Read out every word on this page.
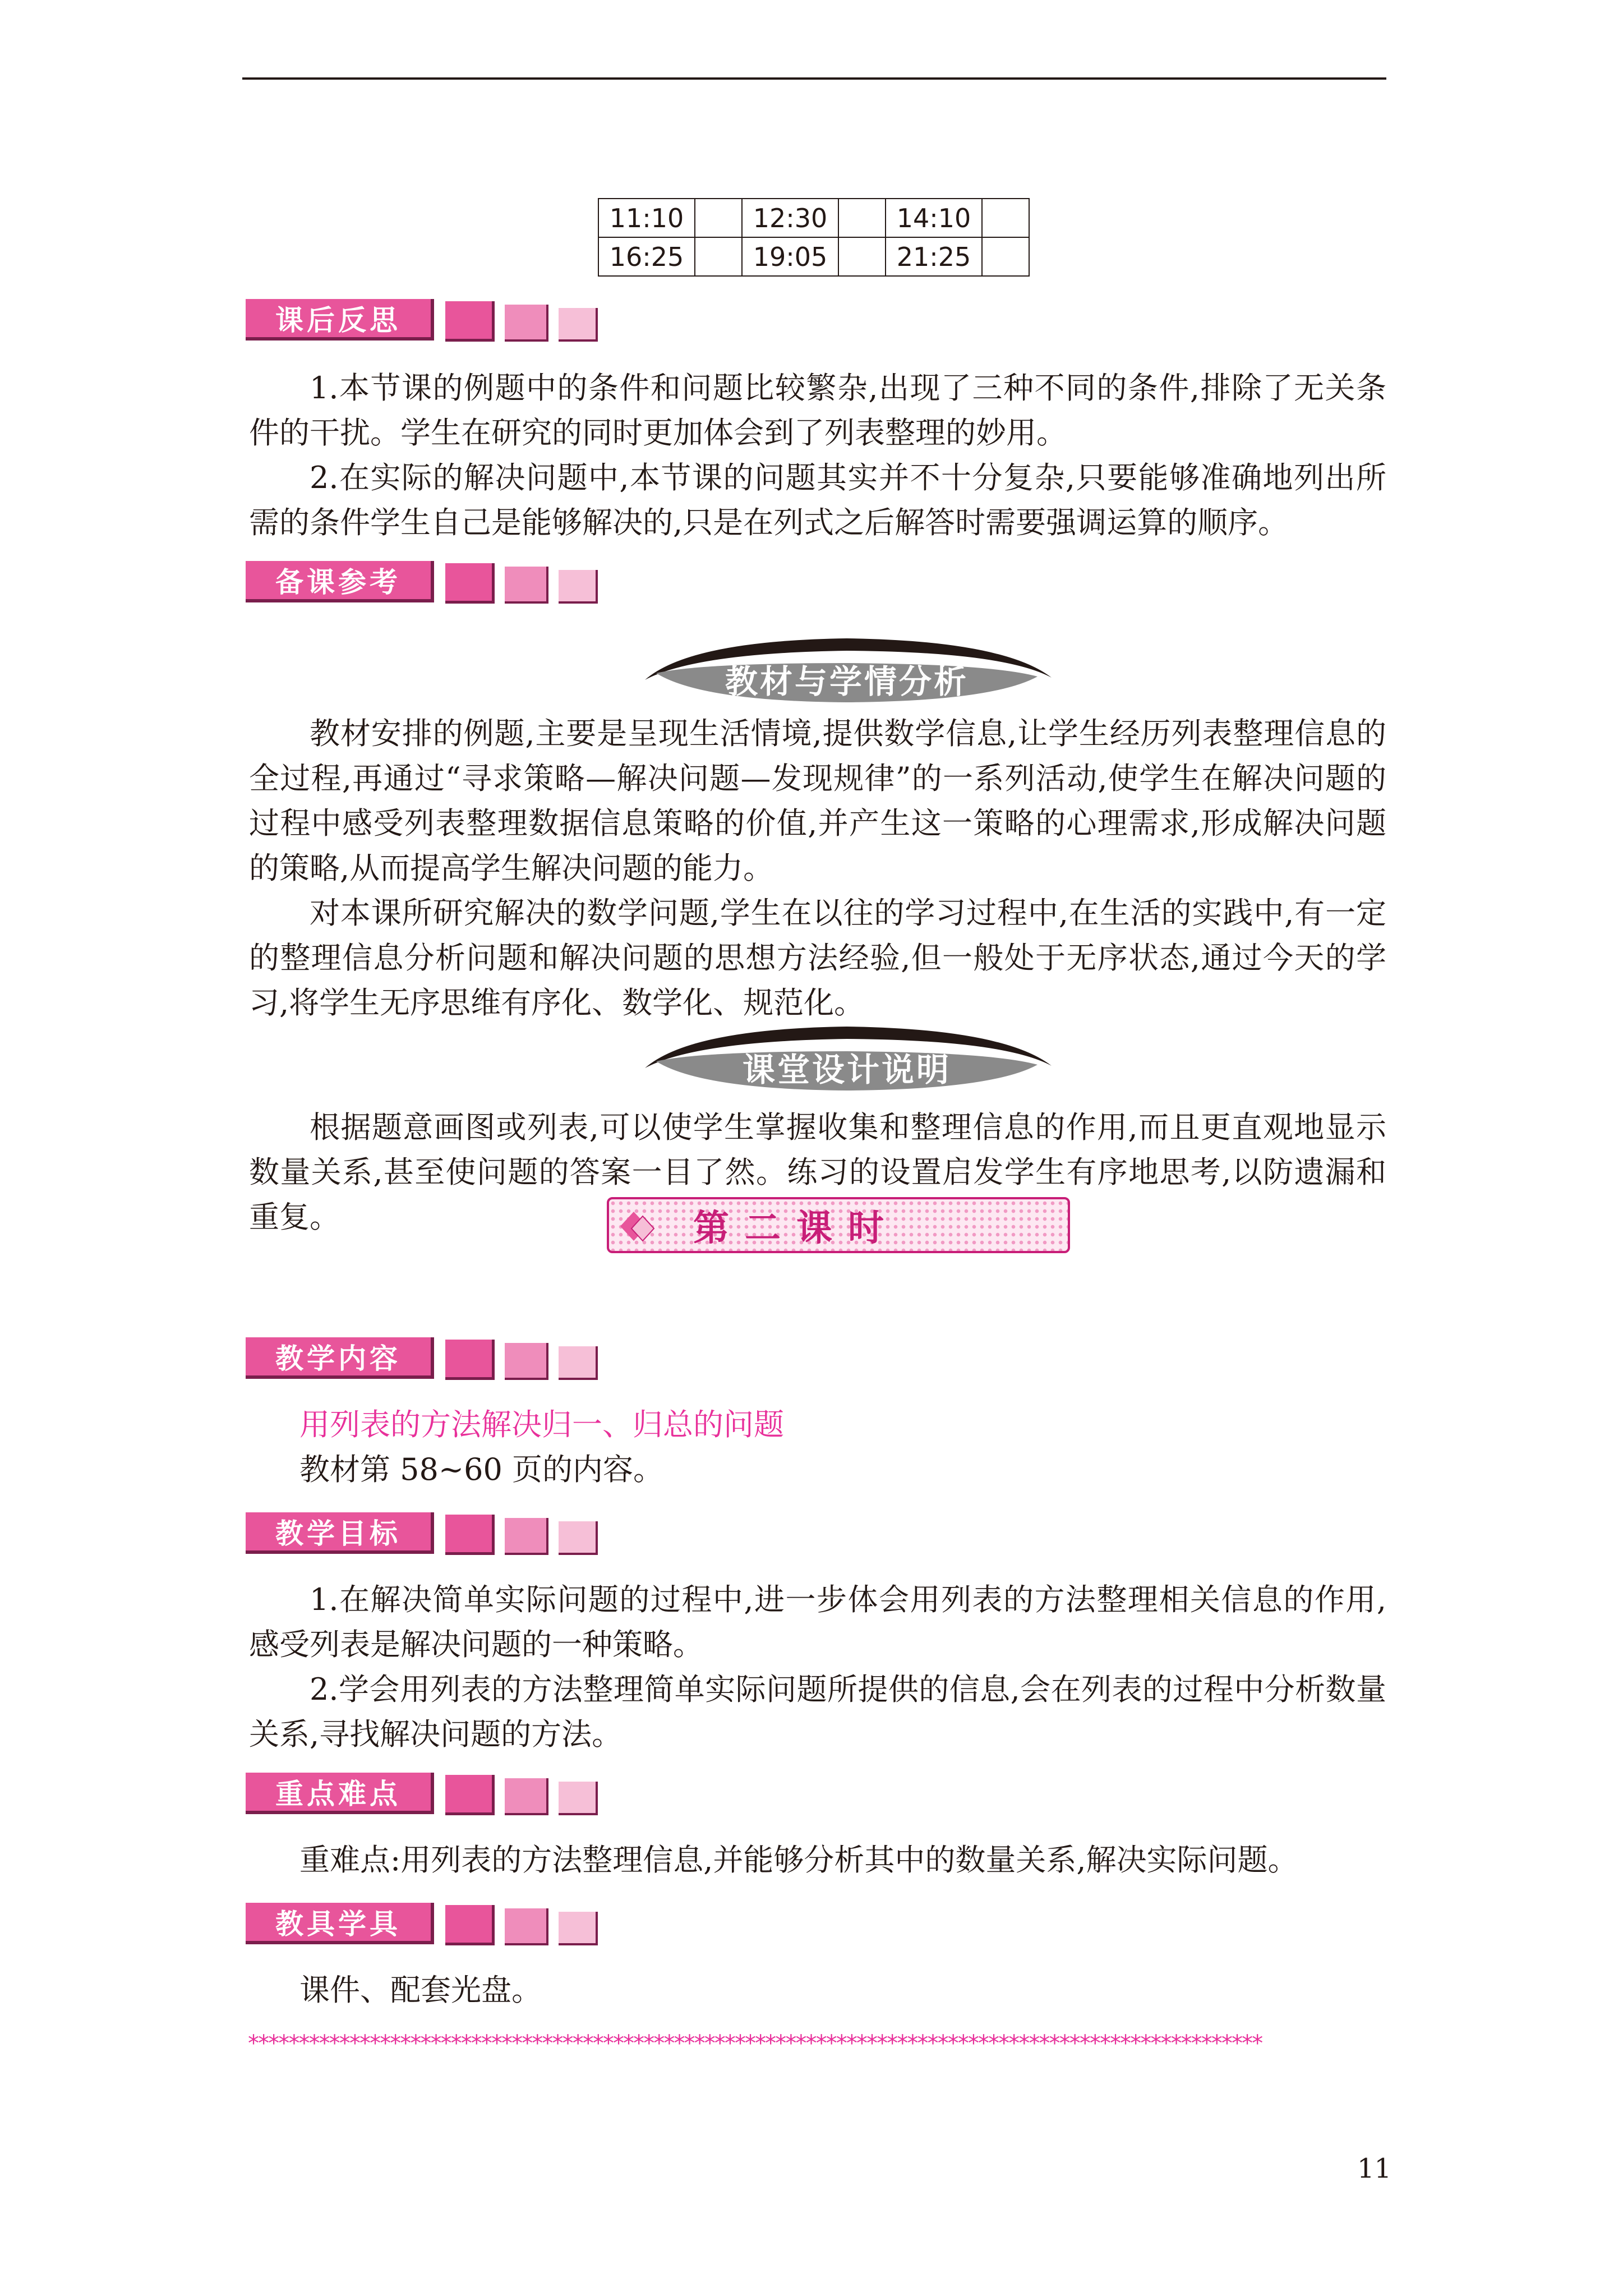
11:10		12:30		14:10	
16:25		19:05		21:25	
课后反思

1.本节课的例题中的条件和问题比较繁杂,出现了三种不同的条件,排除了无关条件的干扰。学生在研究的同时更加体会到了列表整理的妙用。

2.在实际的解决问题中,本节课的问题其实并不十分复杂,只要能够准确地列出所需的条件学生自己是能够解决的,只是在列式之后解答时需要强调运算的顺序。

备课参考
教材与学情分析

教材安排的例题,主要是呈现生活情境,提供数学信息,让学生经历列表整理信息的全过程,再通过“寻求策略—解决问题—发现规律”的一系列活动,使学生在解决问题的过程中感受列表整理数据信息策略的价值,并产生这一策略的心理需求,形成解决问题的策略,从而提高学生解决问题的能力。

对本课所研究解决的数学问题,学生在以往的学习过程中,在生活的实践中,有一定的整理信息分析问题和解决问题的思想方法经验,但一般处于无序状态,通过今天的学习,将学生无序思维有序化、数学化、规范化。

课堂设计说明

根据题意画图或列表,可以使学生掌握收集和整理信息的作用,而且更直观地显示数量关系,甚至使问题的答案一目了然。练习的设置启发学生有序地思考,以防遗漏和重复。	第二课时
教学内容

用列表的方法解决归一、归总的问题

教材第 58~60 页的内容。

教学目标

1.在解决简单实际问题的过程中,进一步体会用列表的方法整理相关信息的作用,感受列表是解决问题的一种策略。

2.学会用列表的方法整理简单实际问题所提供的信息,会在列表的过程中分析数量关系,寻找解决问题的方法。

重点难点

重难点:用列表的方法整理信息,并能够分析其中的数量关系,解决实际问题。

教具学具

课件、配套光盘。

****************************************************************************************************
11
